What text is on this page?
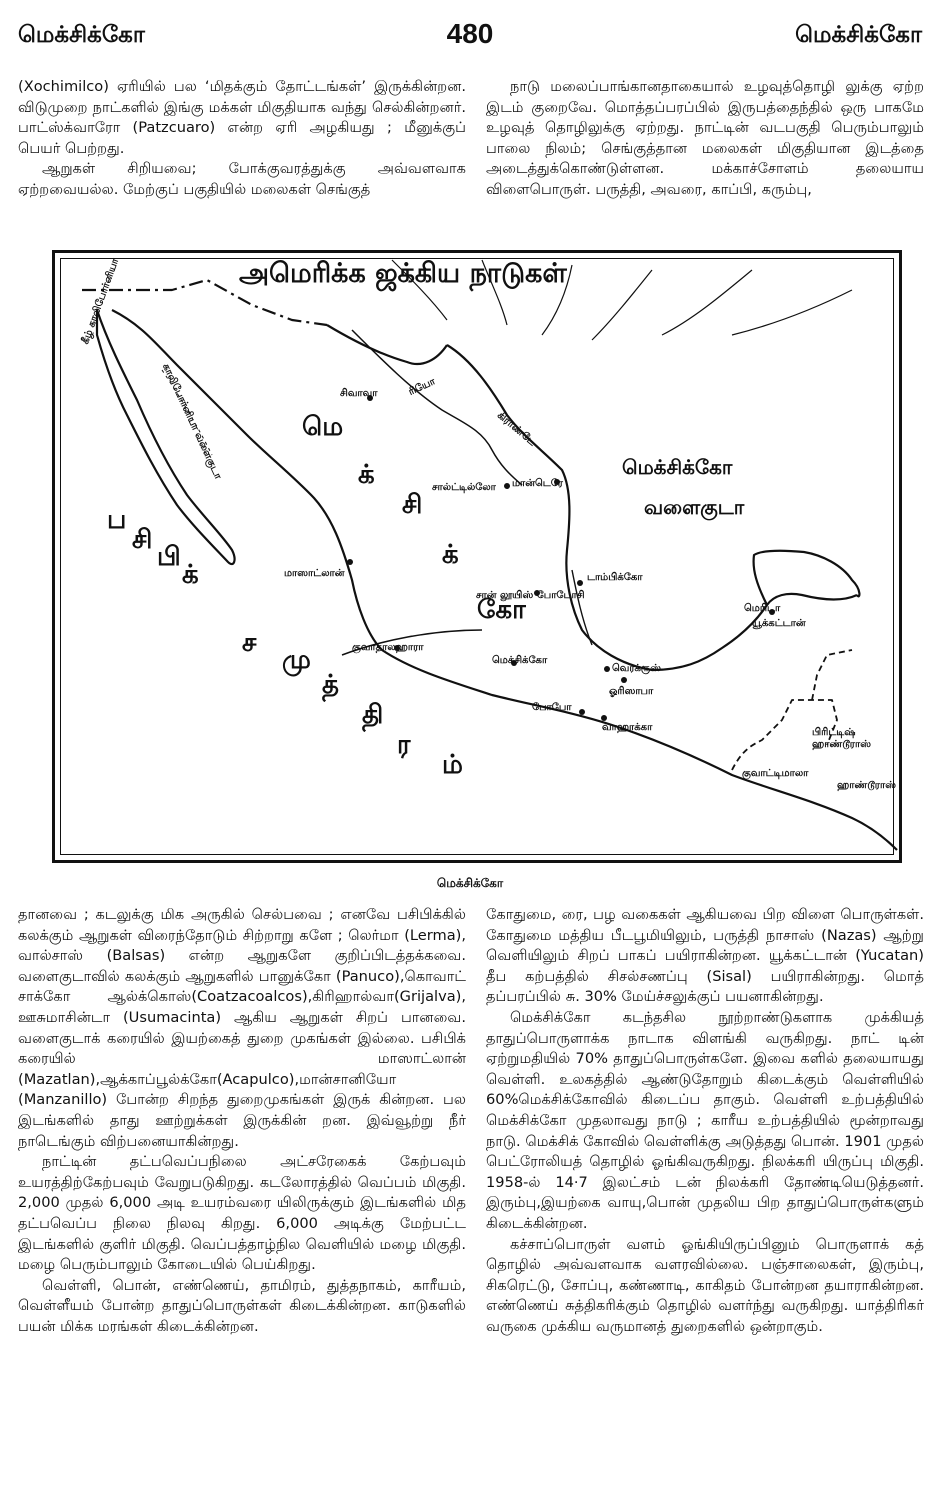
மெக்சிக்கோ	480	மெக்சிக்கோ

(Xochimilco) ஏரியில் பல ‘மிதக்கும் தோட்டங்கள்’ இருக்கின்றன. விடுமுறை நாட்களில் இங்கு மக்கள் மிகுதியாக வந்து செல்கின்றனர். பாட்ஸ்க்வாரோ (Patzcuaro) என்ற ஏரி அழகியது ; மீனுக்குப் பெயர் பெற்றது.

ஆறுகள் சிறியவை; போக்குவரத்துக்கு அவ்வளவாக ஏற்றவையல்ல. மேற்குப் பகுதியில் மலைகள் செங்குத்

நாடு மலைப்பாங்கானதாகையால் உழவுத்தொழி லுக்கு ஏற்ற இடம் குறைவே. மொத்தப்பரப்பில் இருபத்தைந்தில் ஒரு பாகமே உழவுத் தொழிலுக்கு ஏற்றது. நாட்டின் வடபகுதி பெரும்பாலும் பாலை நிலம்; செங்குத்தான மலைகள் மிகுதியான இடத்தை அடைத்துக்கொண்டுள்ளன. மக்காச்சோளம் தலையாய விளைபொருள். பருத்தி, அவரை, காப்பி, கரும்பு,

அமெரிக்க ஜக்கிய நாடுகள்
மெக்சிக்கோ
வளைகுடா
மெ
க்
சி
க்
கோ
ப
சி
பி
க்
ச
மு
த்
தி
ர
ம்
கீழ் காலிபோர்னியா
காலிபோர்னியா வளைகுடா	சிவாவா	ரியோ
கிராண்டே
சால்ட்டில்லோ மான்டெரே
மாஸாட்லான்	டாம்பிக்கோ
சான் லூயிஸ் போடோசி
குவாதாலஹாரா
மெக்சிக்கோ
வெரக்ரூஸ்
ஓரிஸாபா
போபோ
வாஹாக்கா
மெரிடா
யூக்கட்டான்
பிரிட்டிஷ் ஹாண்டூராஸ்
குவாட்டிமாலா
ஹாண்டூராஸ்
மெக்சிக்கோ

தானவை ; கடலுக்கு மிக அருகில் செல்பவை ; எனவே பசிபிக்கில் கலக்கும் ஆறுகள் விரைந்தோடும் சிற்றாறு களே ; லெர்மா (Lerma), வால்சாஸ் (Balsas) என்ற ஆறுகளே குறிப்பிடத்தக்கவை. வளைகுடாவில் கலக்கும் ஆறுகளில் பானுக்கோ (Panuco),கொவாட் சாக்கோ ஆல்க்கொஸ்(Coatzacoalcos),கிரிஹால்வா(Grijalva), ஊசுமாசின்டா (Usumacinta) ஆகிய ஆறுகள் சிறப் பானவை. வளைகுடாக் கரையில் இயற்கைத் துறை முகங்கள் இல்லை. பசிபிக் கரையில் மாஸாட்லான் (Mazatlan),ஆக்காப்பூல்க்கோ(Acapulco),மான்சானியோ (Manzanillo) போன்ற சிறந்த துறைமுகங்கள் இருக் கின்றன. பல இடங்களில் தாது ஊற்றுக்கள் இருக்கின் றன. இவ்வூற்று நீர் நாடெங்கும் விற்பனையாகின்றது.

நாட்டின் தட்பவெப்பநிலை அட்சரேகைக் கேற்பவும் உயரத்திற்கேற்பவும் வேறுபடுகிறது. கடலோரத்தில் வெப்பம் மிகுதி. 2,000 முதல் 6,000 அடி உயரம்வரை யிலிருக்கும் இடங்களில் மித தட்பவெப்ப நிலை நிலவு கிறது. 6,000 அடிக்கு மேற்பட்ட இடங்களில் குளிர் மிகுதி. வெப்பத்தாழ்நில வெளியில் மழை மிகுதி. மழை பெரும்பாலும் கோடையில் பெய்கிறது.

வெள்ளி, பொன், எண்ணெய், தாமிரம், துத்தநாகம், காரீயம், வெள்ளீயம் போன்ற தாதுப்பொருள்கள் கிடைக்கின்றன. காடுகளில் பயன் மிக்க மரங்கள் கிடைக்கின்றன.

கோதுமை, ரை, பழ வகைகள் ஆகியவை பிற விளை பொருள்கள். கோதுமை மத்திய பீடபூமியிலும், பருத்தி நாசாஸ் (Nazas) ஆற்று வெளியிலும் சிறப் பாகப் பயிராகின்றன. யூக்கட்டான் (Yucatan) தீப கற்பத்தில் சிசல்சணப்பு (Sisal) பயிராகின்றது. மொத் தப்பரப்பில் சு. 30% மேய்ச்சலுக்குப் பயனாகின்றது.

மெக்சிக்கோ கடந்தசில நூற்றாண்டுகளாக முக்கியத் தாதுப்பொருளாக்க நாடாக விளங்கி வருகிறது. நாட் டின் ஏற்றுமதியில் 70% தாதுப்பொருள்களே. இவை களில் தலையாயது வெள்ளி. உலகத்தில் ஆண்டுதோறும் கிடைக்கும் வெள்ளியில் 60%மெக்சிக்கோவில் கிடைப்ப தாகும். வெள்ளி உற்பத்தியில் மெக்சிக்கோ முதலாவது நாடு ; காரீய உற்பத்தியில் மூன்றாவது நாடு. மெக்சிக் கோவில் வெள்ளிக்கு அடுத்தது பொன். 1901 முதல் பெட்ரோலியத் தொழில் ஓங்கிவருகிறது. நிலக்கரி யிருப்பு மிகுதி. 1958-ல் 14·7 இலட்சம் டன் நிலக்கரி தோண்டியெடுத்தனர். இரும்பு,இயற்கை வாயு,பொன் முதலிய பிற தாதுப்பொருள்களும் கிடைக்கின்றன.

கச்சாப்பொருள் வளம் ஓங்கியிருப்பினும் பொருளாக் கத் தொழில் அவ்வளவாக வளரவில்லை. பஞ்சாலைகள், இரும்பு, சிகரெட்டு, சோப்பு, கண்ணாடி, காகிதம் போன்றன தயாராகின்றன. எண்ணெய் சுத்திகரிக்கும் தொழில் வளர்ந்து வருகிறது. யாத்திரிகர் வருகை முக்கிய வருமானத் துறைகளில் ஒன்றாகும்.
